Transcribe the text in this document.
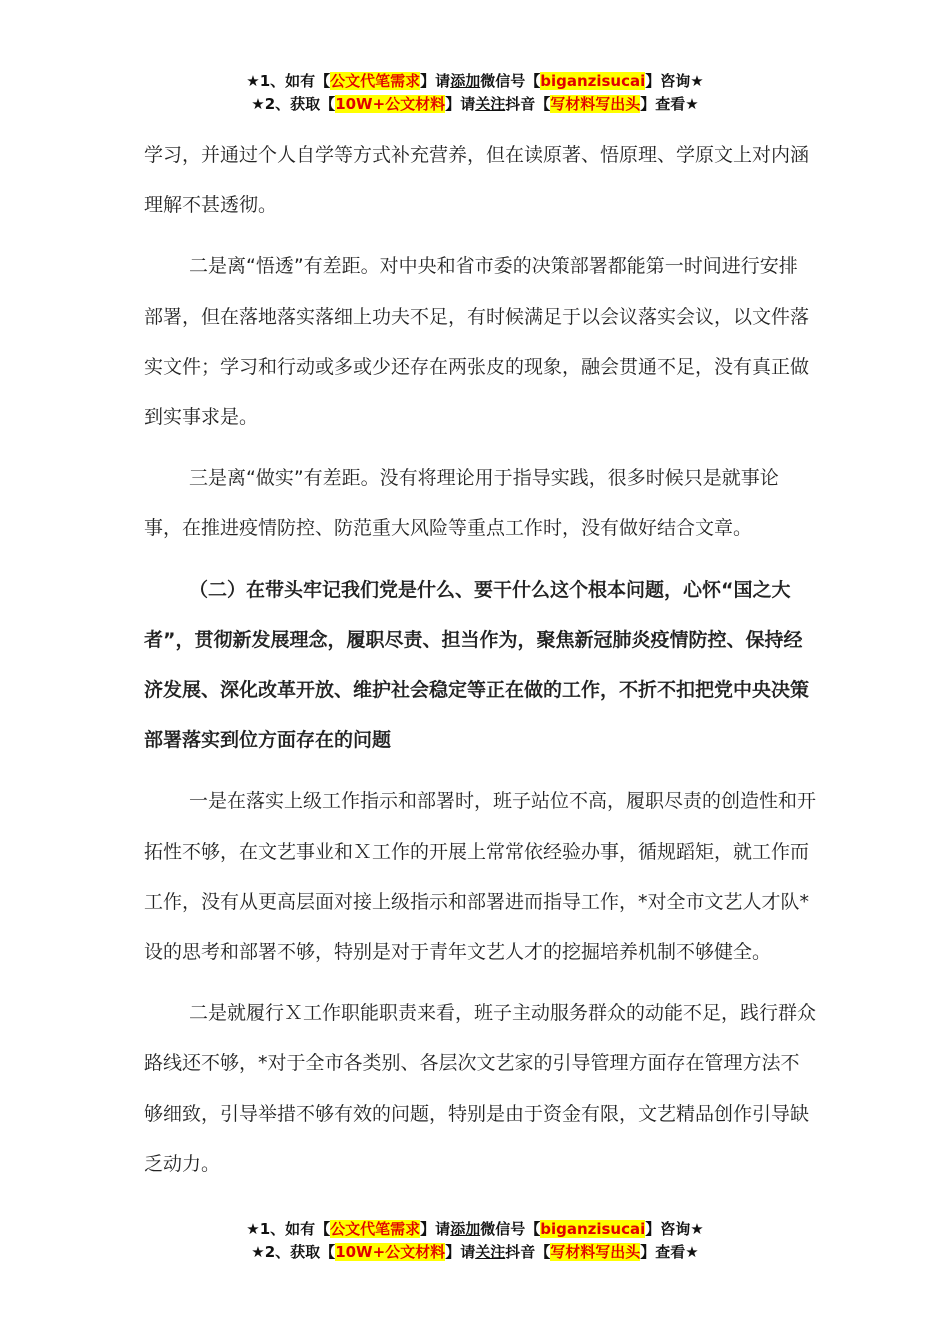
★1、如有【公文代笔需求】请添加微信号【biganzisucai】咨询★
★2、获取【10W+公文材料】请关注抖音【写材料写出头】查看★

学习，并通过个人自学等方式补充营养，但在读原著、悟原理、学原文上对内涵理解不甚透彻。

二是离“悟透”有差距。对中央和省市委的决策部署都能第一时间进行安排部署，但在落地落实落细上功夫不足，有时候满足于以会议落实会议，以文件落实文件；学习和行动或多或少还存在两张皮的现象，融会贯通不足，没有真正做到实事求是。

三是离“做实”有差距。没有将理论用于指导实践，很多时候只是就事论事，在推进疫情防控、防范重大风险等重点工作时，没有做好结合文章。

（二）在带头牢记我们党是什么、要干什么这个根本问题，心怀“国之大者”，贯彻新发展理念，履职尽责、担当作为，聚焦新冠肺炎疫情防控、保持经济发展、深化改革开放、维护社会稳定等正在做的工作，不折不扣把党中央决策部署落实到位方面存在的问题

一是在落实上级工作指示和部署时，班子站位不高，履职尽责的创造性和开拓性不够，在文艺事业和Ｘ工作的开展上常常依经验办事，循规蹈矩，就工作而工作，没有从更高层面对接上级指示和部署进而指导工作，*对全市文艺人才队*设的思考和部署不够，特别是对于青年文艺人才的挖掘培养机制不够健全。

二是就履行Ｘ工作职能职责来看，班子主动服务群众的动能不足，践行群众 路线还不够，*对于全市各类别、各层次文艺家的引导管理方面存在管理方法不够细致，引导举措不够有效的问题，特别是由于资金有限，文艺精品创作引导缺乏动力。

★1、如有【公文代笔需求】请添加微信号【biganzisucai】咨询★
★2、获取【10W+公文材料】请关注抖音【写材料写出头】查看★
